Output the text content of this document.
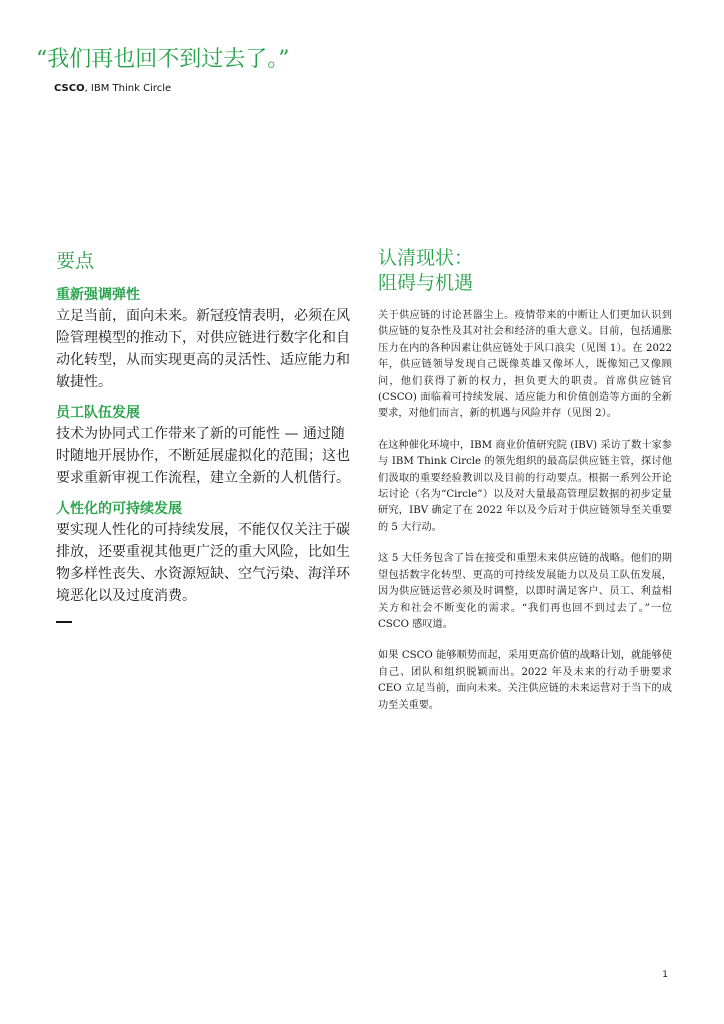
“我们再也回不到过去了。”
CSCO, IBM Think Circle
要点

重新强调弹性

立足当前，面向未来。新冠疫情表明，必须在风险管理模型的推动下，对供应链进行数字化和自动化转型，从而实现更高的灵活性、适应能力和敏捷性。

员工队伍发展

技术为协同式工作带来了新的可能性 — 通过随时随地开展协作，不断延展虚拟化的范围；这也要求重新审视工作流程，建立全新的人机偕行。

人性化的可持续发展

要实现人性化的可持续发展，不能仅仅关注于碳排放，还要重视其他更广泛的重大风险，比如生物多样性丧失、水资源短缺、空气污染、海洋环境恶化以及过度消费。

认清现状：
阻碍与机遇

关于供应链的讨论甚嚣尘上。疫情带来的中断让人们更加认识到供应链的复杂性及其对社会和经济的重大意义。目前，包括通胀压力在内的各种因素让供应链处于风口浪尖（见图 1）。在 2022 年，供应链领导发现自己既像英雄又像坏人，既像知己又像顾问，他们获得了新的权力，担负更大的职责。首席供应链官(CSCO) 面临着可持续发展、适应能力和价值创造等方面的全新要求，对他们而言，新的机遇与风险并存（见图 2）。

在这种催化环境中，IBM 商业价值研究院 (IBV) 采访了数十家参与 IBM Think Circle 的领先组织的最高层供应链主管，探讨他们汲取的重要经验教训以及目前的行动要点。根据一系列公开论坛讨论（名为“Circle”）以及对大量最高管理层数据的初步定量研究，IBV 确定了在 2022 年以及今后对于供应链领导至关重要的 5 大行动。

这 5 大任务包含了旨在接受和重塑未来供应链的战略。他们的期望包括数字化转型、更高的可持续发展能力以及员工队伍发展，因为供应链运营必须及时调整，以即时满足客户、员工、利益相关方和社会不断变化的需求。“我们再也回不到过去了。”一位 CSCO 感叹道。

如果 CSCO 能够顺势而起，采用更高价值的战略计划，就能够使自己、团队和组织脱颖而出。2022 年及未来的行动手册要求 CEO 立足当前，面向未来。关注供应链的未来运营对于当下的成功至关重要。

1
